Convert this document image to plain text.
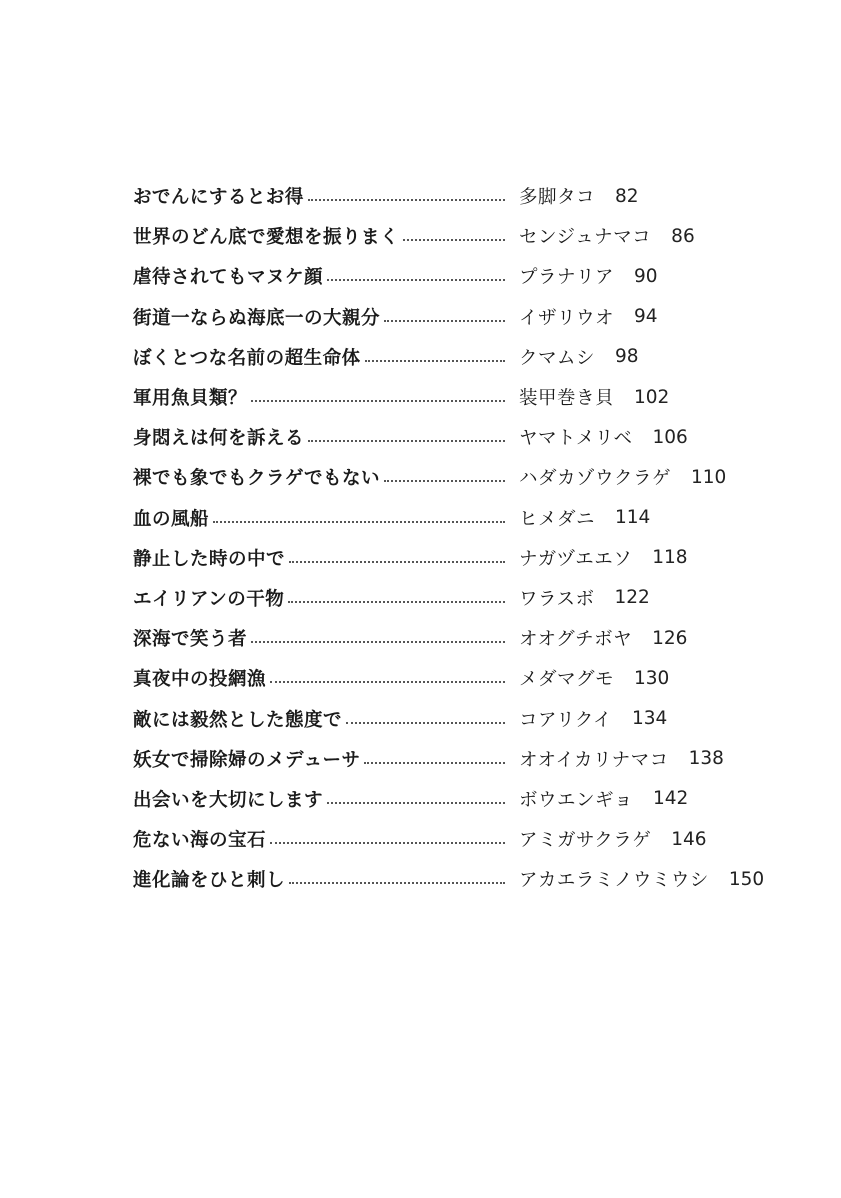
おでんにするとお得	多脚タコ 82
世界のどん底で愛想を振りまく	センジュナマコ 86
虐待されてもマヌケ顔	プラナリア 90
街道一ならぬ海底一の大親分	イザリウオ 94
ぼくとつな名前の超生命体	クマムシ 98
軍用魚貝類？	装甲巻き貝 102
身悶えは何を訴える	ヤマトメリベ 106
裸でも象でもクラゲでもない	ハダカゾウクラゲ 110
血の風船	ヒメダニ 114
静止した時の中で	ナガヅエエソ 118
エイリアンの干物	ワラスボ 122
深海で笑う者	オオグチボヤ 126
真夜中の投網漁	メダマグモ 130
敵には毅然とした態度で	コアリクイ 134
妖女で掃除婦のメデューサ	オオイカリナマコ 138
出会いを大切にします	ボウエンギョ 142
危ない海の宝石	アミガサクラゲ 146
進化論をひと刺し	アカエラミノウミウシ 150
